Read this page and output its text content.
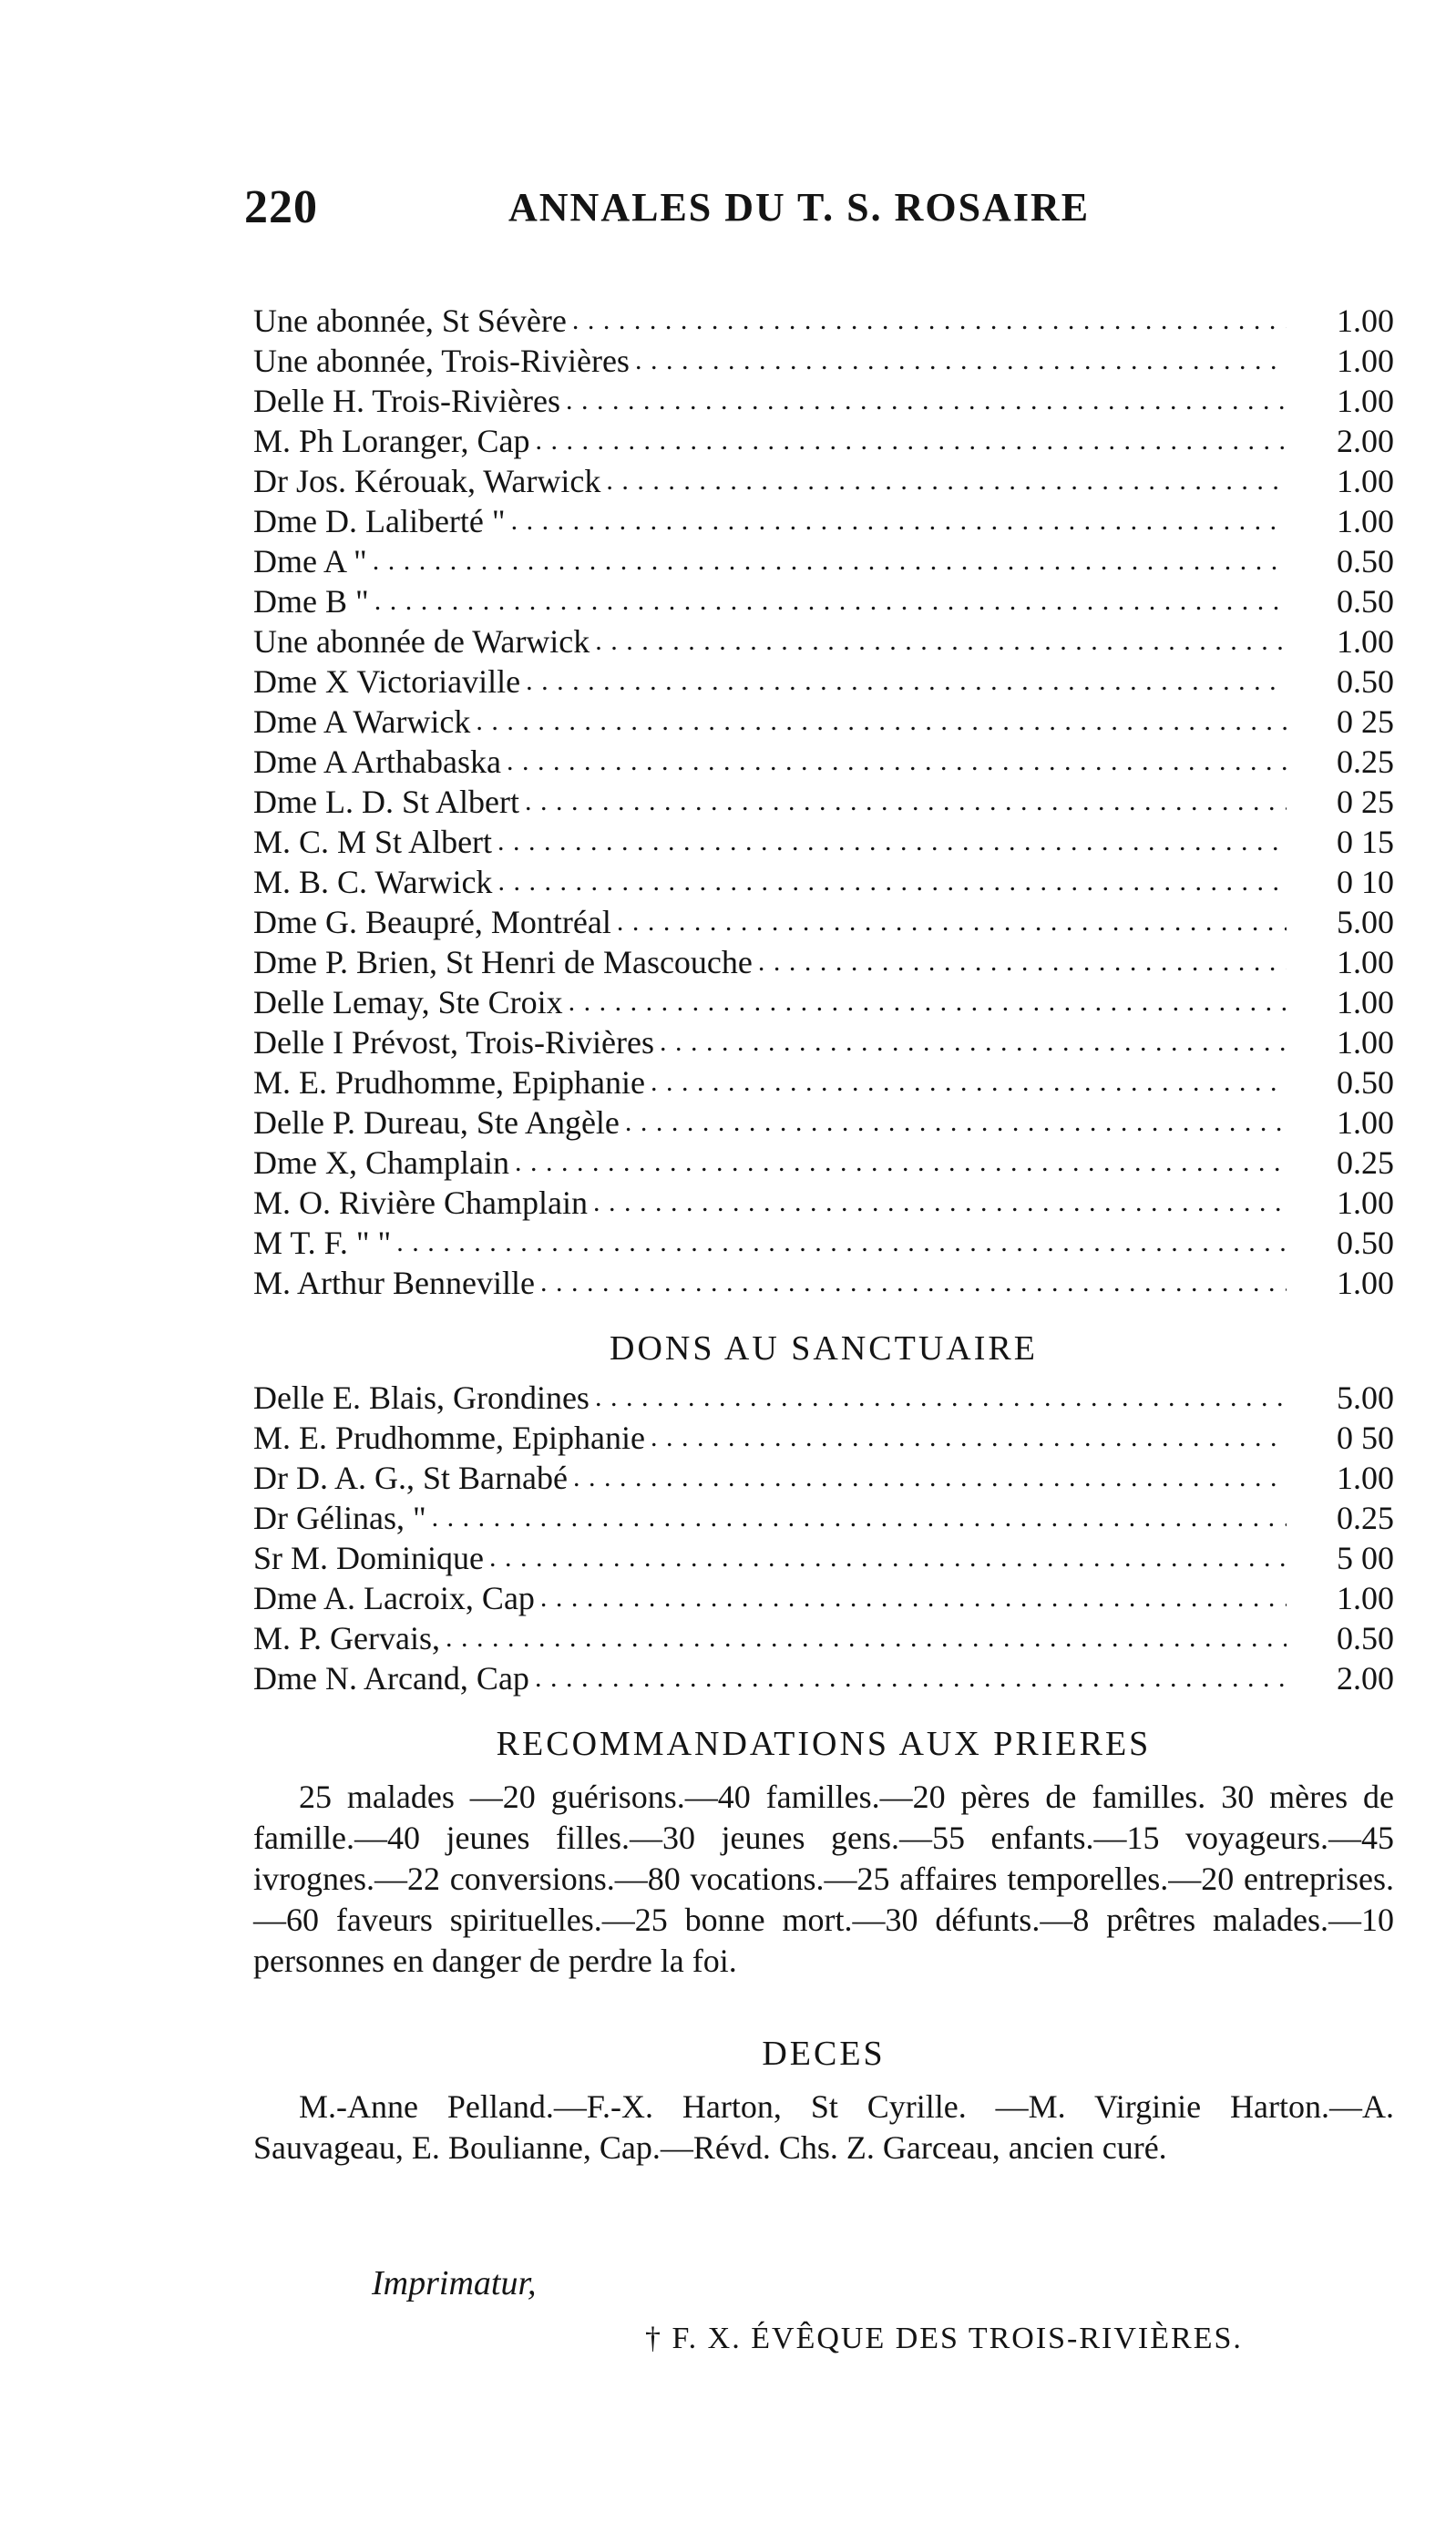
220	ANNALES DU T. S. ROSAIRE
Une abonnée, St Sévère . . .	1.00
Une abonnée, Trois-Rivières . . .	1.00
Delle H. Trois-Rivières . . .	1.00
M. Ph Loranger, Cap . . .	2.00
Dr Jos. Kérouak, Warwick . . .	1.00
Dme D. Laliberté " . . .	1.00
Dme A " . . .	0.50
Dme B " . . .	0.50
Une abonnée de Warwick . . .	1.00
Dme X Victoriaville . . .	0.50
Dme A Warwick . . .	0 25
Dme A Arthabaska . . .	0.25
Dme L. D. St Albert . . .	0 25
M. C. M St Albert . . .	0 15
M. B. C. Warwick . . .	0 10
Dme G. Beaupré, Montréal . . .	5.00
Dme P. Brien, St Henri de Mascouche . . .	1.00
Delle Lemay, Ste Croix . . .	1.00
Delle I Prévost, Trois-Rivières . . .	1.00
M. E. Prudhomme, Epiphanie . . .	0.50
Delle P. Dureau, Ste Angèle . . .	1.00
Dme X, Champlain . . .	0.25
M. O. Rivière Champlain . . .	1.00
M T. F. " " . . .	0.50
M. Arthur Benneville . . .	1.00
DONS AU SANCTUAIRE
Delle E. Blais, Grondines . . .	5.00
M. E. Prudhomme, Epiphanie . . .	0 50
Dr D. A. G., St Barnabé . . .	1.00
Dr Gélinas, " . . .	0.25
Sr M. Dominique . . .	5 00
Dme A. Lacroix, Cap . . .	1.00
M. P. Gervais, . . .	0.50
Dme N. Arcand, Cap . . .	2.00
RECOMMANDATIONS AUX PRIERES
25 malades —20 guérisons.—40 familles.—20 pères de familles. 30 mères de famille.—40 jeunes filles.—30 jeunes gens.—55 enfants.—15 voyageurs.—45 ivrognes.—22 conversions.—80 vocations.—25 affaires temporelles.—20 entreprises.—60 faveurs spirituelles.—25 bonne mort.—30 défunts.—8 prêtres malades.—10 personnes en danger de perdre la foi.
DECES
M.-Anne Pelland.—F.-X. Harton, St Cyrille. —M. Virginie Harton.—A. Sauvageau, E. Boulianne, Cap.—Révd. Chs. Z. Garceau, ancien curé.
Imprimatur,
† F. X. ÉVÊQUE DES TROIS-RIVIÈRES.
